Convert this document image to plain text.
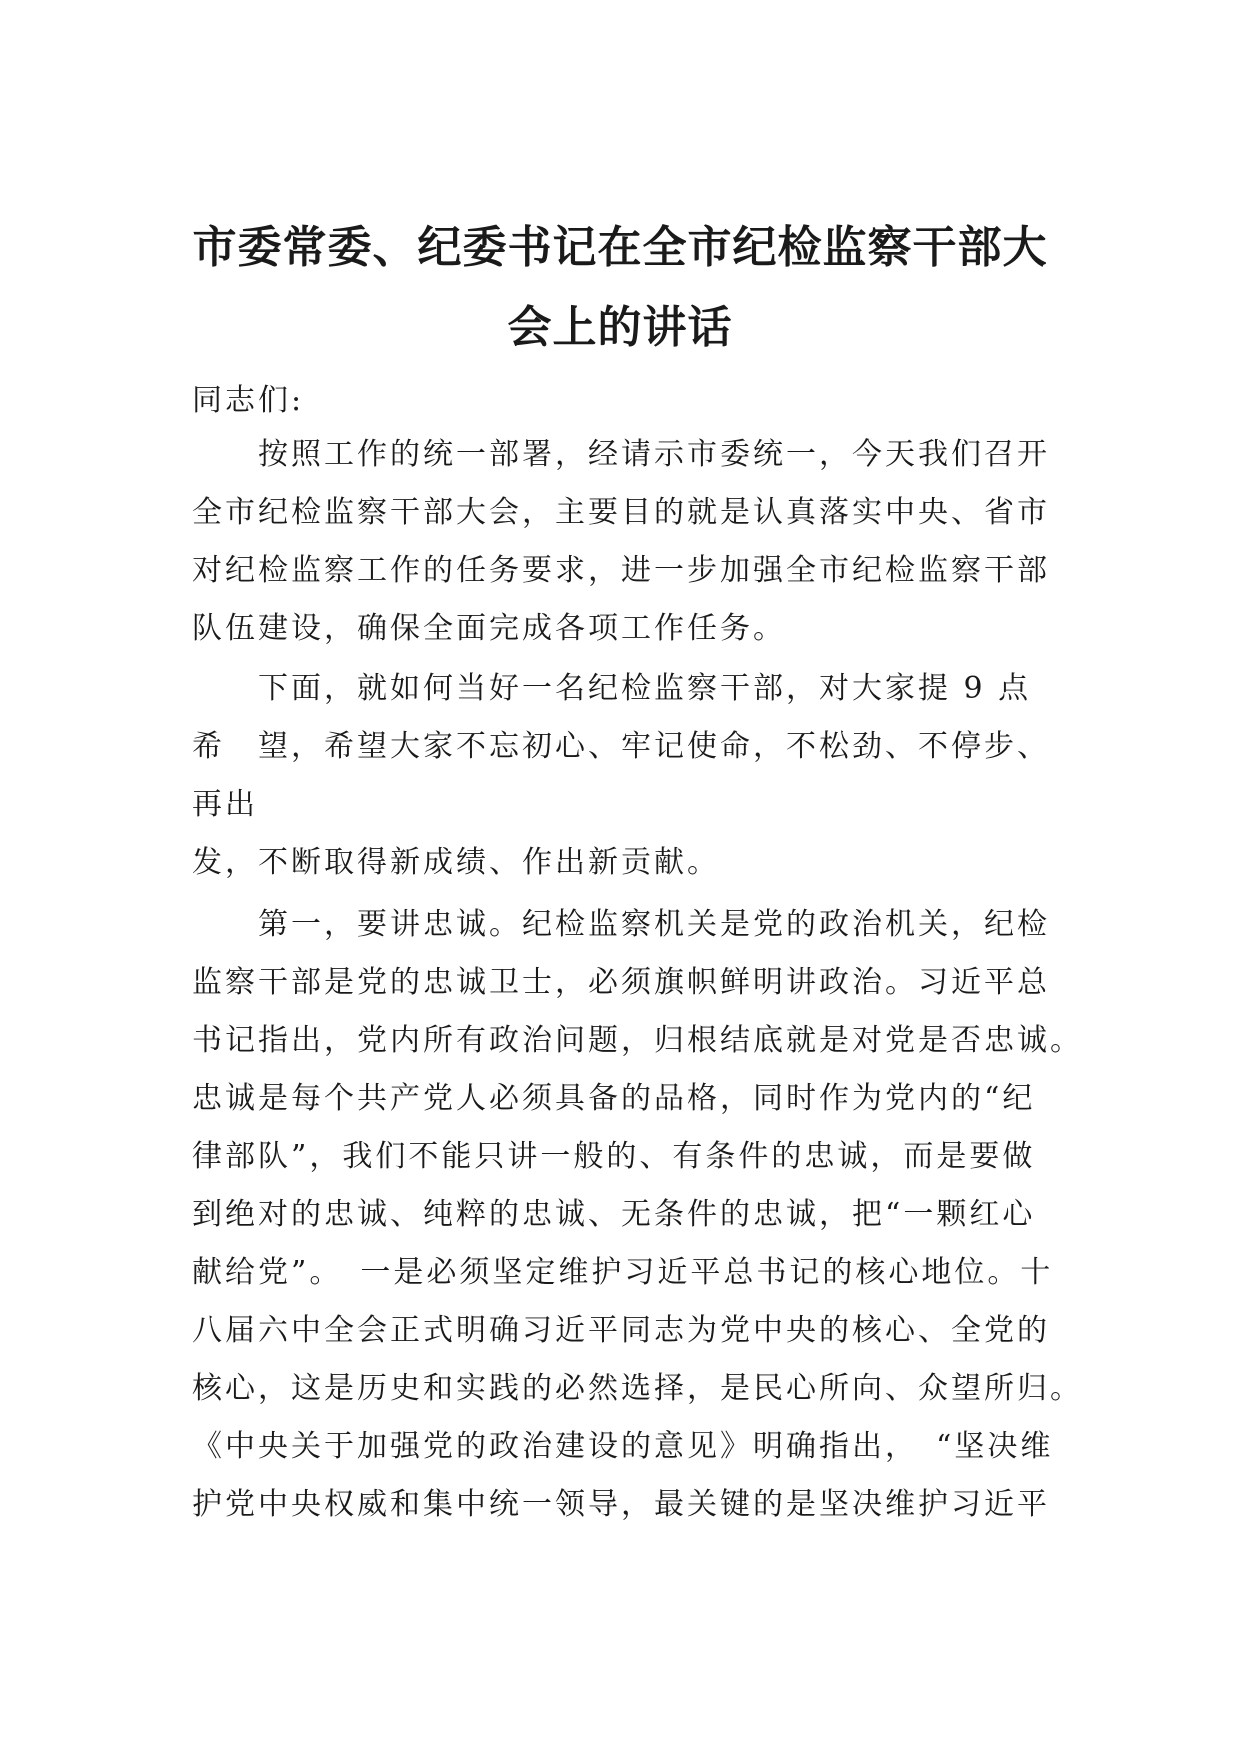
市委常委、纪委书记在全市纪检监察干部大
会上的讲话
同志们:
按照工作的统一部署，经请示市委统一，今天我们召开
全市纪检监察干部大会，主要目的就是认真落实中央、省市
对纪检监察工作的任务要求，进一步加强全市纪检监察干部
队伍建设，确保全面完成各项工作任务。
下面，就如何当好一名纪检监察干部，对大家提 9 点
希　望，希望大家不忘初心、牢记使命，不松劲、不停步、
再出
发，不断取得新成绩、作出新贡献。
第一，要讲忠诚。纪检监察机关是党的政治机关，纪检
监察干部是党的忠诚卫士，必须旗帜鲜明讲政治。习近平总
书记指出，党内所有政治问题，归根结底就是对党是否忠诚。
忠诚是每个共产党人必须具备的品格，同时作为党内的“纪
律部队”，我们不能只讲一般的、有条件的忠诚，而是要做
到绝对的忠诚、纯粹的忠诚、无条件的忠诚，把“一颗红心
献给党”。　一是必须坚定维护习近平总书记的核心地位。十
八届六中全会正式明确习近平同志为党中央的核心、全党的
核心，这是历史和实践的必然选择，是民心所向、众望所归。
《中央关于加强党的政治建设的意见》明确指出，　“坚决维
护党中央权威和集中统一领导，最关键的是坚决维护习近平
